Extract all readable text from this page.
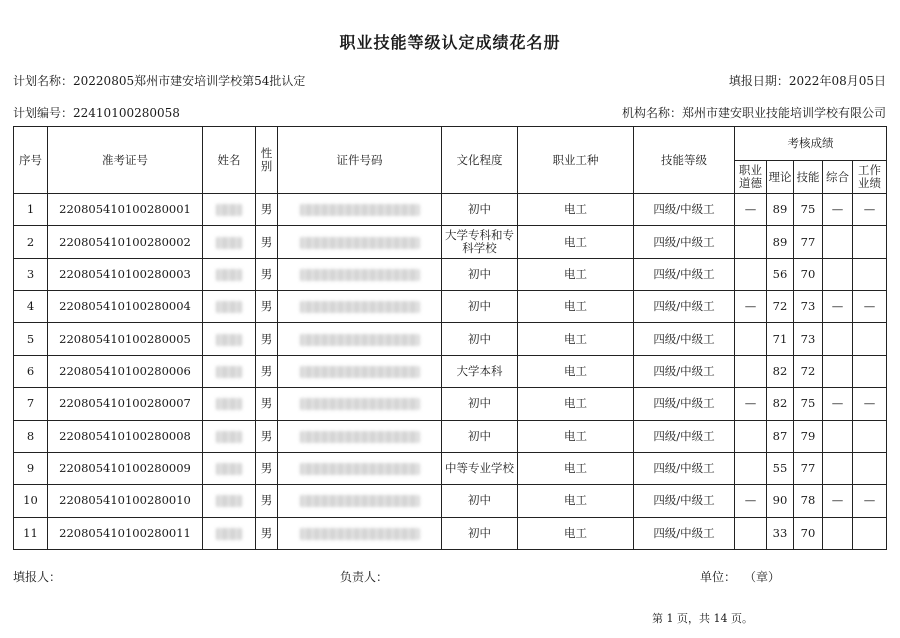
职业技能等级认定成绩花名册
计划名称：20220805郑州市建安培训学校第54批认定	填报日期：2022年08月05日
计划编号：22410100280058	机构名称：郑州市建安职业技能培训学校有限公司
序号	准考证号	姓名	性别	证件号码	文化程度	职业工种	技能等级	考核成绩				
								职业道德	理论	技能	综合	工作业绩
1	220805410100280001		男		初中	电工	四级/中级工	—	89	75	—	—
2	220805410100280002		男		大学专科和专科学校	电工	四级/中级工		89	77		
3	220805410100280003		男		初中	电工	四级/中级工		56	70		
4	220805410100280004		男		初中	电工	四级/中级工	—	72	73	—	—
5	220805410100280005		男		初中	电工	四级/中级工		71	73		
6	220805410100280006		男		大学本科	电工	四级/中级工		82	72		
7	220805410100280007		男		初中	电工	四级/中级工	—	82	75	—	—
8	220805410100280008		男		初中	电工	四级/中级工		87	79		
9	220805410100280009		男		中等专业学校	电工	四级/中级工		55	77		
10	220805410100280010		男		初中	电工	四级/中级工	—	90	78	—	—
11	220805410100280011		男		初中	电工	四级/中级工		33	70		
填报人：	负责人：	单位： （章）
第 1 页，共 14 页。
